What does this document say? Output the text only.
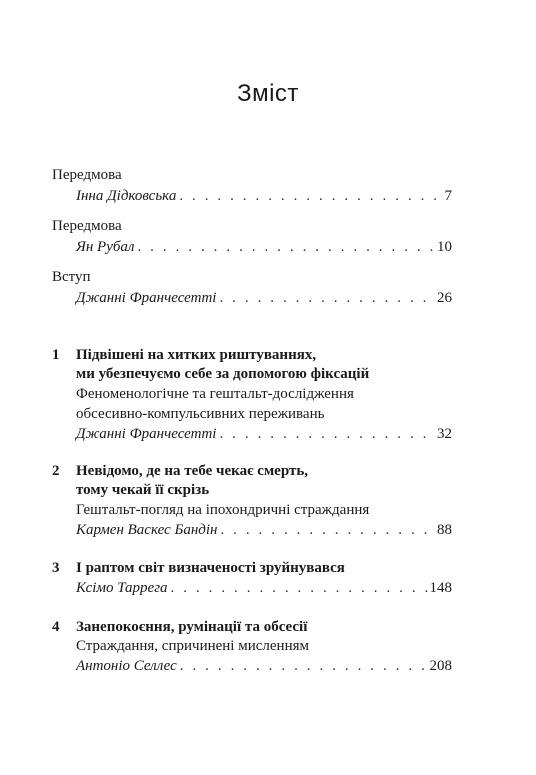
Зміст
Передмова
Інна Дідковська . . .	7
Передмова
Ян Рубал . . .	10
Вступ
Джанні Франчесетті . . .	26
1 Підвішені на хитких риштуваннях,
ми убезпечуємо себе за допомогою фіксацій
Феноменологічне та гештальт-дослідження
обсесивно-компульсивних переживань
Джанні Франчесетті . . .	32
2 Невідомо, де на тебе чекає смерть,
тому чекай її скрізь
Гештальт-погляд на іпохондричні страждання
Кармен Васкес Бандін . . .	88
3 І раптом світ визначеності зруйнувався
Ксімо Таррега . . .	148
4 Занепокоєння, румінації та обсесії
Страждання, спричинені мисленням
Антоніо Селлес . . .	208
